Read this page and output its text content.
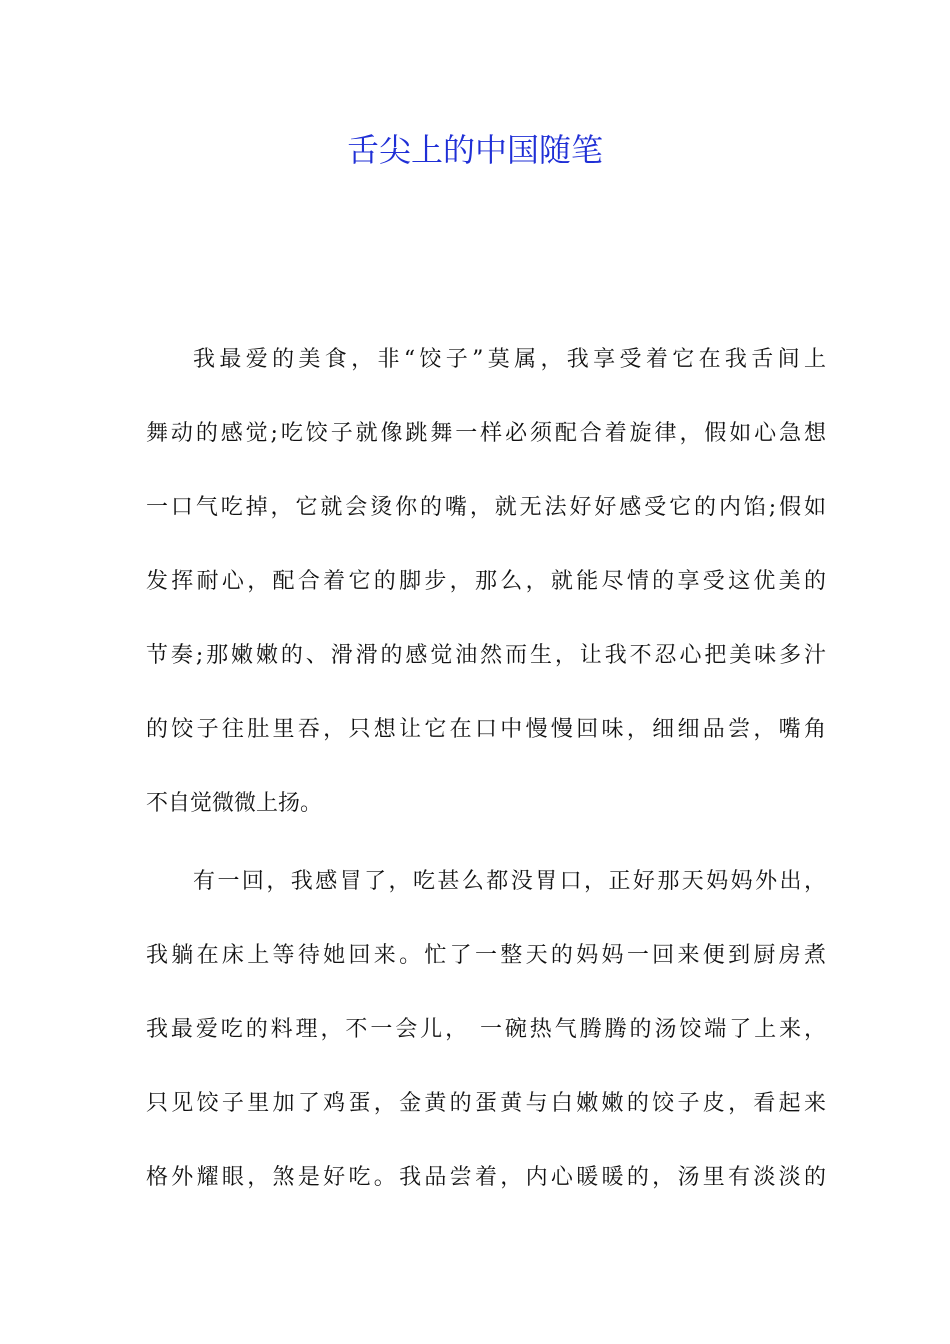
舌尖上的中国随笔
我最爱的美食，非“饺子”莫属，我享受着它在我舌间上
舞动的感觉;吃饺子就像跳舞一样必须配合着旋律，假如心急想
一口气吃掉，它就会烫你的嘴，就无法好好感受它的内馅;假如
发挥耐心，配合着它的脚步，那么，就能尽情的享受这优美的
节奏;那嫩嫩的、滑滑的感觉油然而生，让我不忍心把美味多汁
的饺子往肚里吞，只想让它在口中慢慢回味，细细品尝，嘴角
不自觉微微上扬。
有一回，我感冒了，吃甚么都没胃口，正好那天妈妈外出，
我躺在床上等待她回来。忙了一整天的妈妈一回来便到厨房煮
我最爱吃的料理，不一会儿， 一碗热气腾腾的汤饺端了上来，
只见饺子里加了鸡蛋，金黄的蛋黄与白嫩嫩的饺子皮，看起来
格外耀眼，煞是好吃。我品尝着，内心暖暖的，汤里有淡淡的
